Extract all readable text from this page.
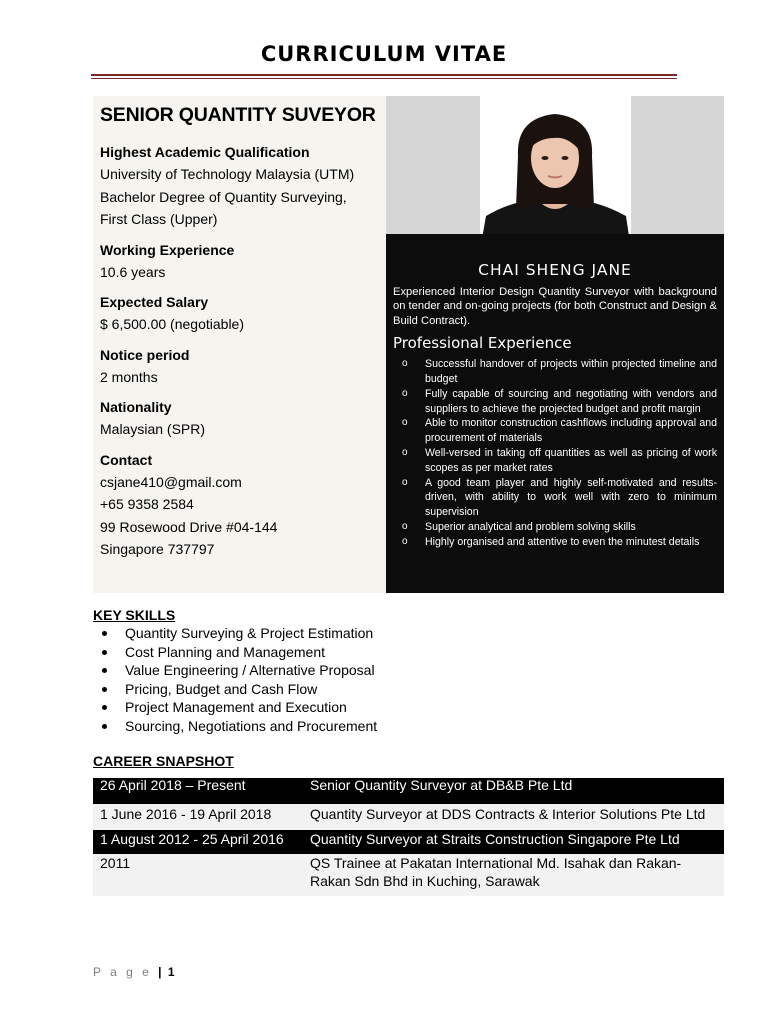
CURRICULUM VITAE
SENIOR QUANTITY SUVEYOR
Highest Academic Qualification
University of Technology Malaysia (UTM)
Bachelor Degree of Quantity Surveying,
First Class (Upper)
Working Experience
10.6 years
Expected Salary
$ 6,500.00 (negotiable)
Notice period
2 months
Nationality
Malaysian (SPR)
Contact
csjane410@gmail.com
+65 9358 2584
99 Rosewood Drive #04-144
Singapore 737797
CHAI SHENG JANE
Experienced Interior Design Quantity Surveyor with background on tender and on-going projects (for both Construct and Design & Build Contract).
Professional Experience
o Successful handover of projects within projected timeline and budget
o Fully capable of sourcing and negotiating with vendors and suppliers to achieve the projected budget and profit margin
o Able to monitor construction cashflows including approval and procurement of materials
o Well-versed in taking off quantities as well as pricing of work scopes as per market rates
o A good team player and highly self-motivated and results-driven, with ability to work well with zero to minimum supervision
o Superior analytical and problem solving skills
o Highly organised and attentive to even the minutest details
KEY SKILLS
Quantity Surveying & Project Estimation
Cost Planning and Management
Value Engineering / Alternative Proposal
Pricing, Budget and Cash Flow
Project Management and Execution
Sourcing, Negotiations and Procurement
CAREER SNAPSHOT
26 April 2018 – Present	Senior Quantity Surveyor at DB&B Pte Ltd
1 June 2016 - 19 April 2018	Quantity Surveyor at DDS Contracts & Interior Solutions Pte Ltd
1 August 2012 - 25 April 2016	Quantity Surveyor at Straits Construction Singapore Pte Ltd
2011	QS Trainee at Pakatan International Md. Isahak dan Rakan-Rakan Sdn Bhd in Kuching, Sarawak
P a g e | 1
